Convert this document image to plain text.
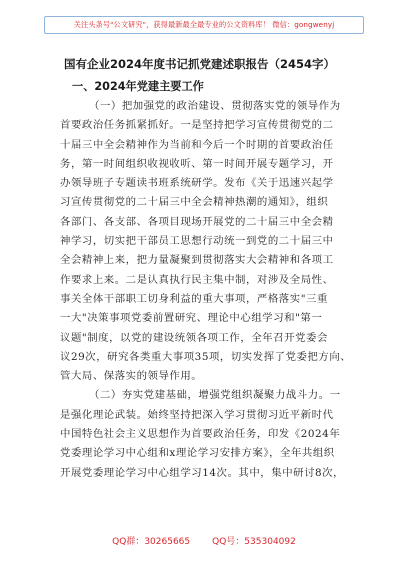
关注头条号"公文研究"，获得最新最全最专业的公文资料库！ 微信：gongwenyj
国有企业2024年度书记抓党建述职报告（2454字）
一、2024年党建主要工作
（一）把加强党的政治建设、贯彻落实党的领导作为
首要政治任务抓紧抓好。一是坚持把学习宣传贯彻党的二
十届三中全会精神作为当前和今后一个时期的首要政治任
务，第一时间组织收视收听、第一时间开展专题学习，开
办领导班子专题读书班系统研学。发布《关于迅速兴起学
习宣传贯彻党的二十届三中全会精神热潮的通知》，组织
各部门、各支部、各项目现场开展党的二十届三中全会精
神学习，切实把干部员工思想行动统一到党的二十届三中
全会精神上来，把力量凝聚到贯彻落实大会精神和各项工
作要求上来。二是认真执行民主集中制，对涉及全局性、
事关全体干部职工切身利益的重大事项，严格落实"三重
一大"决策事项党委前置研究、理论中心组学习和"第一
议题"制度，以党的建设统领各项工作，全年召开党委会
议29次，研究各类重大事项35项，切实发挥了党委把方向、
管大局、保落实的领导作用。
（二）夯实党建基础，增强党组织凝聚力战斗力。一
是强化理论武装。始终坚持把深入学习贯彻习近平新时代
中国特色社会主义思想作为首要政治任务，印发《2024年
党委理论学习中心组和x理论学习安排方案》，全年共组织
开展党委理论学习中心组学习14次。其中，集中研讨8次，
QQ群：30265665 QQ号：535304092
